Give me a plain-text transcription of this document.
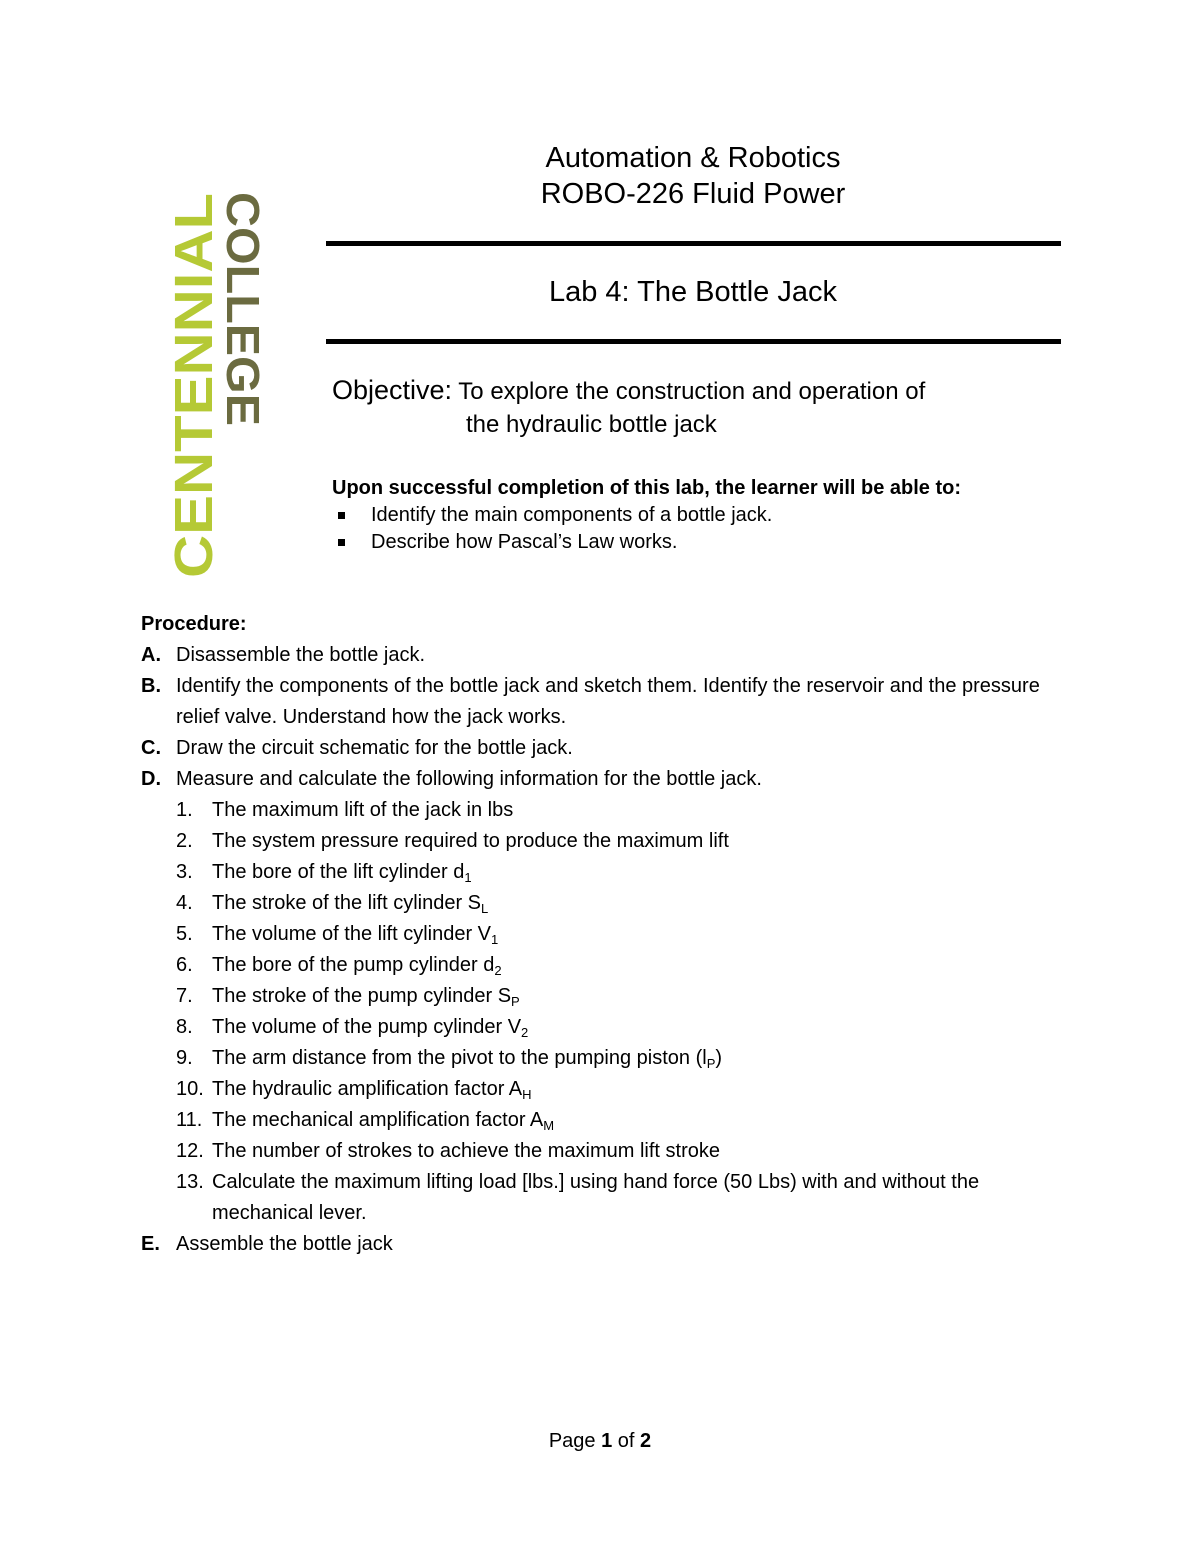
CENTENNIAL
COLLEGE
Automation & Robotics
ROBO-226 Fluid Power
Lab 4: The Bottle Jack
Objective: To explore the construction and operation of
the hydraulic bottle jack
Upon successful completion of this lab, the learner will be able to:
Identify the main components of a bottle jack.
Describe how Pascal’s Law works.
Procedure:
A. Disassemble the bottle jack.
B. Identify the components of the bottle jack and sketch them. Identify the reservoir and the pressure relief valve. Understand how the jack works.
C. Draw the circuit schematic for the bottle jack.
D. Measure and calculate the following information for the bottle jack.
1. The maximum lift of the jack in lbs
2. The system pressure required to produce the maximum lift
3. The bore of the lift cylinder $d_1$
4. The stroke of the lift cylinder $S_L$
5. The volume of the lift cylinder $V_1$
6. The bore of the pump cylinder $d_2$
7. The stroke of the pump cylinder $S_P$
8. The volume of the pump cylinder $V_2$
9. The arm distance from the pivot to the pumping piston $(l_P)$
10. The hydraulic amplification factor $A_H$
11. The mechanical amplification factor $A_M$
12. The number of strokes to achieve the maximum lift stroke
13. Calculate the maximum lifting load [lbs.] using hand force (50 Lbs) with and without the mechanical lever.
E. Assemble the bottle jack
Page 1 of 2
